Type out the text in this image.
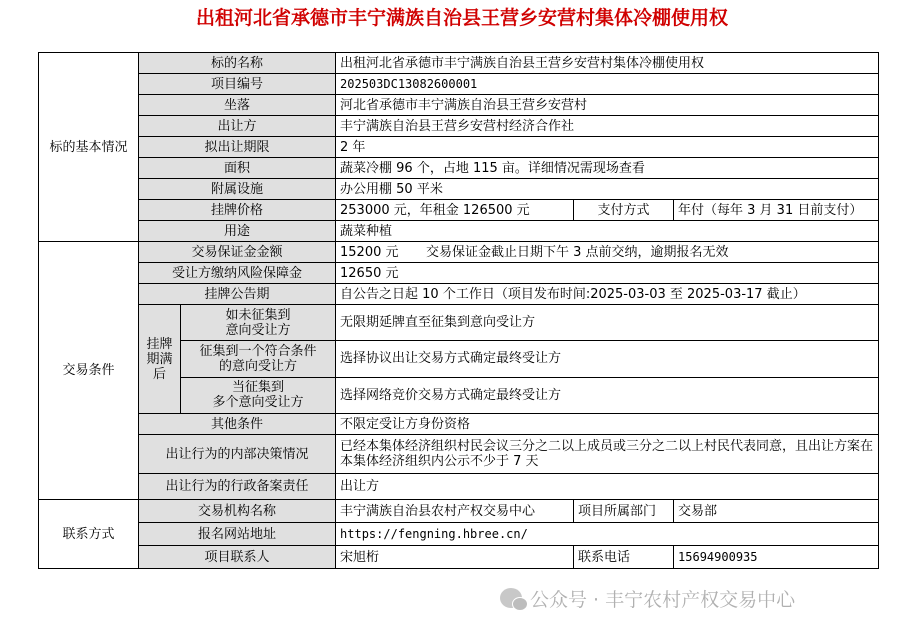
出租河北省承德市丰宁满族自治县王营乡安营村集体冷棚使用权
标的基本情况	标的名称		出租河北省承德市丰宁满族自治县王营乡安营村集体冷棚使用权		
	项目编号		202503DC13082600001		
	坐落		河北省承德市丰宁满族自治县王营乡安营村		
	出让方		丰宁满族自治县王营乡安营村经济合作社		
	拟出让期限		2 年		
	面积		蔬菜冷棚 96 个，占地 115 亩。详细情况需现场查看		
	附属设施		办公用棚 50 平米		
	挂牌价格		253000 元，年租金 126500 元	支付方式	年付（每年 3 月 31 日前支付）
	用途		蔬菜种植		
交易条件	交易保证金金额		15200 元 交易保证金截止日期下午 3 点前交纳，逾期报名无效		
	受让方缴纳风险保障金		12650 元		
	挂牌公告期		自公告之日起 10 个工作日（项目发布时间:2025-03-03 至 2025-03-17 截止）		
	挂牌
期满
后	如未征集到
意向受让方	无限期延牌直至征集到意向受让方		
		征集到一个符合条件
的意向受让方	选择协议出让交易方式确定最终受让方		
		当征集到
多个意向受让方	选择网络竞价交易方式确定最终受让方		
	其他条件		不限定受让方身份资格		
	出让行为的内部决策情况		已经本集体经济组织村民会议三分之二以上成员或三分之二以上村民代表同意，且出让方案在本集体经济组织内公示不少于 7 天		
	出让行为的行政备案责任		出让方		
联系方式	交易机构名称		丰宁满族自治县农村产权交易中心	项目所属部门	交易部
	报名网站地址		https://fengning.hbree.cn/		
	项目联系人		宋旭桁	联系电话	15694900935
公众号 · 丰宁农村产权交易中心
